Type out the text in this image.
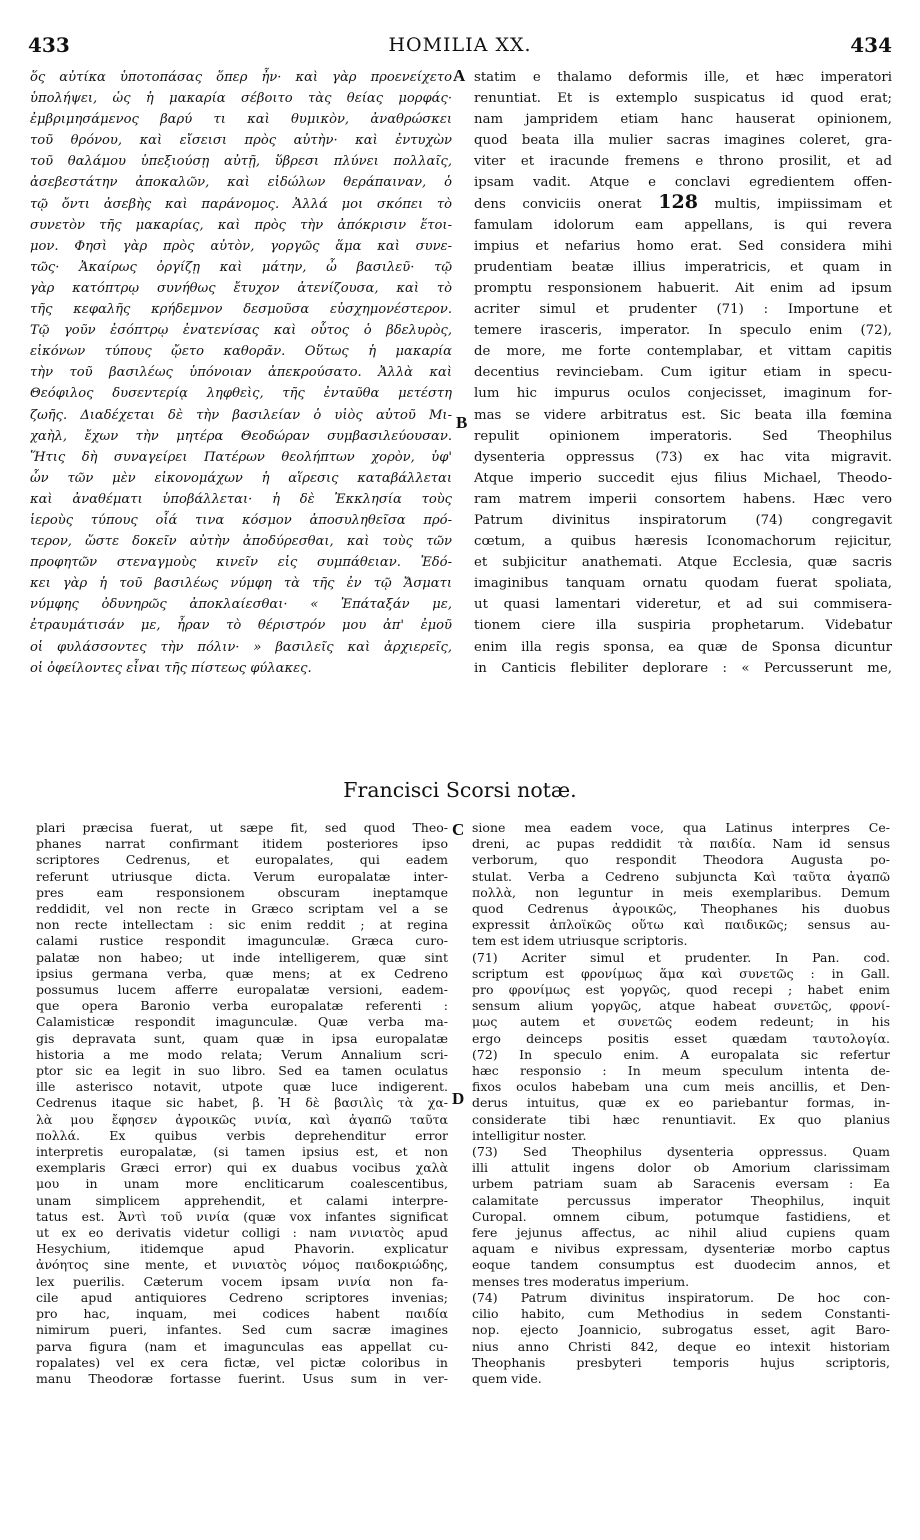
433	HOMILIA XX.	434
ὅς αὐτίκα ὑποτοπάσας ὅπερ ἦν· καὶ γὰρ προενείχετο
ὑπολήψει, ὡς ἡ μακαρία σέβοιτο τὰς θείας μορφάς·
ἐμβριμησάμενος βαρύ τι καὶ θυμικὸν, ἀναθρώσκει
τοῦ θρόνου, καὶ εἴσεισι πρὸς αὐτὴν· καὶ ἐντυχὼν
τοῦ θαλάμου ὑπεξιούσῃ αὐτῇ, ὕβρεσι πλύνει πολλαῖς,
ἀσεβεστάτην ἀποκαλῶν, καὶ εἰδώλων θεράπαιναν, ὁ
τῷ ὄντι ἀσεβὴς καὶ παράνομος. Ἀλλά μοι σκόπει τὸ
συνετὸν τῆς μακαρίας, καὶ πρὸς τὴν ἀπόκρισιν ἕτοι-
μον. Φησὶ γὰρ πρὸς αὐτὸν, γοργῶς ἅμα καὶ συνε-
τῶς· Ἀκαίρως ὀργίζῃ καὶ μάτην, ὦ βασιλεῦ· τῷ
γὰρ κατόπτρῳ συνήθως ἔτυχον ἀτενίζουσα, καὶ τὸ
τῆς κεφαλῆς κρήδεμνον δεσμοῦσα εὐσχημονέστερον.
Τῷ γοῦν ἐσόπτρῳ ἐνατενίσας καὶ οὗτος ὁ βδελυρὸς,
εἰκόνων τύπους ᾤετο καθορᾶν. Οὕτως ἡ μακαρία
τὴν τοῦ βασιλέως ὑπόνοιαν ἀπεκρούσατο. Ἀλλὰ καὶ
Θεόφιλος δυσεντερίᾳ ληφθεὶς, τῆς ἐνταῦθα μετέστη
ζωῆς. Διαδέχεται δὲ τὴν βασιλείαν ὁ υἱὸς αὐτοῦ Μι-
χαὴλ, ἔχων τὴν μητέρα Θεοδώραν συμβασιλεύουσαν.
Ἥτις δὴ συναγείρει Πατέρων θεολήπτων χορὸν, ὑφ'
ὧν τῶν μὲν εἰκονομάχων ἡ αἵρεσις καταβάλλεται
καὶ ἀναθέματι ὑποβάλλεται· ἡ δὲ Ἐκκλησία τοὺς
ἱεροὺς τύπους οἷά τινα κόσμον ἀποσυληθεῖσα πρό-
τερον, ὥστε δοκεῖν αὐτὴν ἀποδύρεσθαι, καὶ τοὺς τῶν
προφητῶν στεναγμοὺς κινεῖν εἰς συμπάθειαν. Ἐδό-
κει γὰρ ἡ τοῦ βασιλέως νύμφη τὰ τῆς ἐν τῷ Ἄσματι
νύμφης ὀδυνηρῶς ἀποκλαίεσθαι· « Ἐπάταξάν με,
ἐτραυμάτισάν με, ἦραν τὸ θέριστρόν μου ἀπ' ἐμοῦ
οἱ φυλάσσοντες τὴν πόλιν· » βασιλεῖς καὶ ἀρχιερεῖς,
οἱ ὀφείλοντες εἶναι τῆς πίστεως φύλακες.
statim e thalamo deformis ille, et hæc imperatori
renuntiat. Et is extemplo suspicatus id quod erat;
nam jampridem etiam hanc hauserat opinionem,
quod beata illa mulier sacras imagines coleret, gra-
viter et iracunde fremens e throno prosilit, et ad
ipsam vadit. Atque e conclavi egredientem offen-
dens conviciis onerat 128 multis, impiissimam et
famulam idolorum eam appellans, is qui revera
impius et nefarius homo erat. Sed considera mihi
prudentiam beatæ illius imperatricis, et quam in
promptu responsionem habuerit. Ait enim ad ipsum
acriter simul et prudenter (71) : Importune et
temere irasceris, imperator. In speculo enim (72),
de more, me forte contemplabar, et vittam capitis
decentius revinciebam. Cum igitur etiam in specu-
lum hic impurus oculos conjecisset, imaginum for-
mas se videre arbitratus est. Sic beata illa fœmina
repulit opinionem imperatoris. Sed Theophilus
dysenteria oppressus (73) ex hac vita migravit.
Atque imperio succedit ejus filius Michael, Theodo-
ram matrem imperii consortem habens. Hæc vero
Patrum divinitus inspiratorum (74) congregavit
cœtum, a quibus hæresis Iconomachorum rejicitur,
et subjicitur anathemati. Atque Ecclesia, quæ sacris
imaginibus tanquam ornatu quodam fuerat spoliata,
ut quasi lamentari videretur, et ad sui commisera-
tionem ciere illa suspiria prophetarum. Videbatur
enim illa regis sponsa, ea quæ de Sponsa dicuntur
in Canticis flebiliter deplorare : « Percusserunt me,
A
B
C
D
Francisci Scorsi notæ.
plari præcisa fuerat, ut sæpe fit, sed quod Theo-
phanes narrat confirmant itidem posteriores ipso
scriptores Cedrenus, et europalates, qui eadem
referunt utriusque dicta. Verum europalatæ inter-
pres eam responsionem obscuram ineptamque
reddidit, vel non recte in Græco scriptam vel a se
non recte intellectam : sic enim reddit ; at regina
calami rustice respondit imagunculæ. Græca curo-
palatæ non habeo; ut inde intelligerem, quæ sint
ipsius germana verba, quæ mens; at ex Cedreno
possumus lucem afferre europalatæ versioni, eadem-
que opera Baronio verba europalatæ referenti :
Calamisticæ respondit imagunculæ. Quæ verba ma-
gis depravata sunt, quam quæ in ipsa europalatæ
historia a me modo relata; Verum Annalium scri-
ptor sic ea legit in suo libro. Sed ea tamen oculatus
ille asterisco notavit, utpote quæ luce indigerent.
Cedrenus itaque sic habet, β. Ἡ δὲ βασιλὶς τὰ χα-
λὰ μου ἔφησεν ἀγροικῶς νινία, καὶ ἀγαπῶ ταῦτα
πολλά. Ex quibus verbis deprehenditur error
interpretis europalatæ, (si tamen ipsius est, et non
exemplaris Græci error) qui ex duabus vocibus χαλὰ
μου in unam more encliticarum coalescentibus,
unam simplicem apprehendit, et calami interpre-
tatus est. Ἀντὶ τοῦ νινία (quæ vox infantes significat
ut ex eo derivatis videtur colligi : nam νινιατὸς apud
Hesychium, itidemque apud Phavorin. explicatur
ἀνόητος sine mente, et νινιατὸς νόμος παιδοκριώδης,
lex puerilis. Cæterum vocem ipsam νινία non fa-
cile apud antiquiores Cedreno scriptores invenias;
pro hac, inquam, mei codices habent παιδία
nimirum pueri, infantes. Sed cum sacræ imagines
parva figura (nam et imagunculas eas appellat cu-
ropalates) vel ex cera fictæ, vel pictæ coloribus in
manu Theodoræ fortasse fuerint. Usus sum in ver-
sione mea eadem voce, qua Latinus interpres Ce-
dreni, ac pupas reddidit τὰ παιδία. Nam id sensus
verborum, quo respondit Theodora Augusta po-
stulat. Verba a Cedreno subjuncta Καὶ ταῦτα ἀγαπῶ
πολλὰ, non leguntur in meis exemplaribus. Demum
quod Cedrenus ἀγροικῶς, Theophanes his duobus
expressit ἀπλοϊκῶς οὕτω καὶ παιδικῶς; sensus au-
tem est idem utriusque scriptoris.
(71) Acriter simul et prudenter. In Pan. cod.
scriptum est φρονίμως ἅμα καὶ συνετῶς : in Gall.
pro φρονίμως est γοργῶς, quod recepi ; habet enim
sensum alium γοργῶς, atque habeat συνετῶς, φρονί-
μως autem et συνετῶς eodem redeunt; in his
ergo deinceps positis esset quædam ταυτολογία.
(72) In speculo enim. A europalata sic refertur
hæc responsio : In meum speculum intenta de-
fixos oculos habebam una cum meis ancillis, et Den-
derus intuitus, quæ ex eo pariebantur formas, in-
considerate tibi hæc renuntiavit. Ex quo planius
intelligitur noster.
(73) Sed Theophilus dysenteria oppressus. Quam
illi attulit ingens dolor ob Amorium clarissimam
urbem patriam suam ab Saracenis eversam : Ea
calamitate percussus imperator Theophilus, inquit
Curopal. omnem cibum, potumque fastidiens, et
fere jejunus affectus, ac nihil aliud cupiens quam
aquam e nivibus expressam, dysenteriæ morbo captus
eoque tandem consumptus est duodecim annos, et
menses tres moderatus imperium.
(74) Patrum divinitus inspiratorum. De hoc con-
cilio habito, cum Methodius in sedem Constanti-
nop. ejecto Joannicio, subrogatus esset, agit Baro-
nius anno Christi 842, deque eo intexit historiam
Theophanis presbyteri temporis hujus scriptoris,
quem vide.
